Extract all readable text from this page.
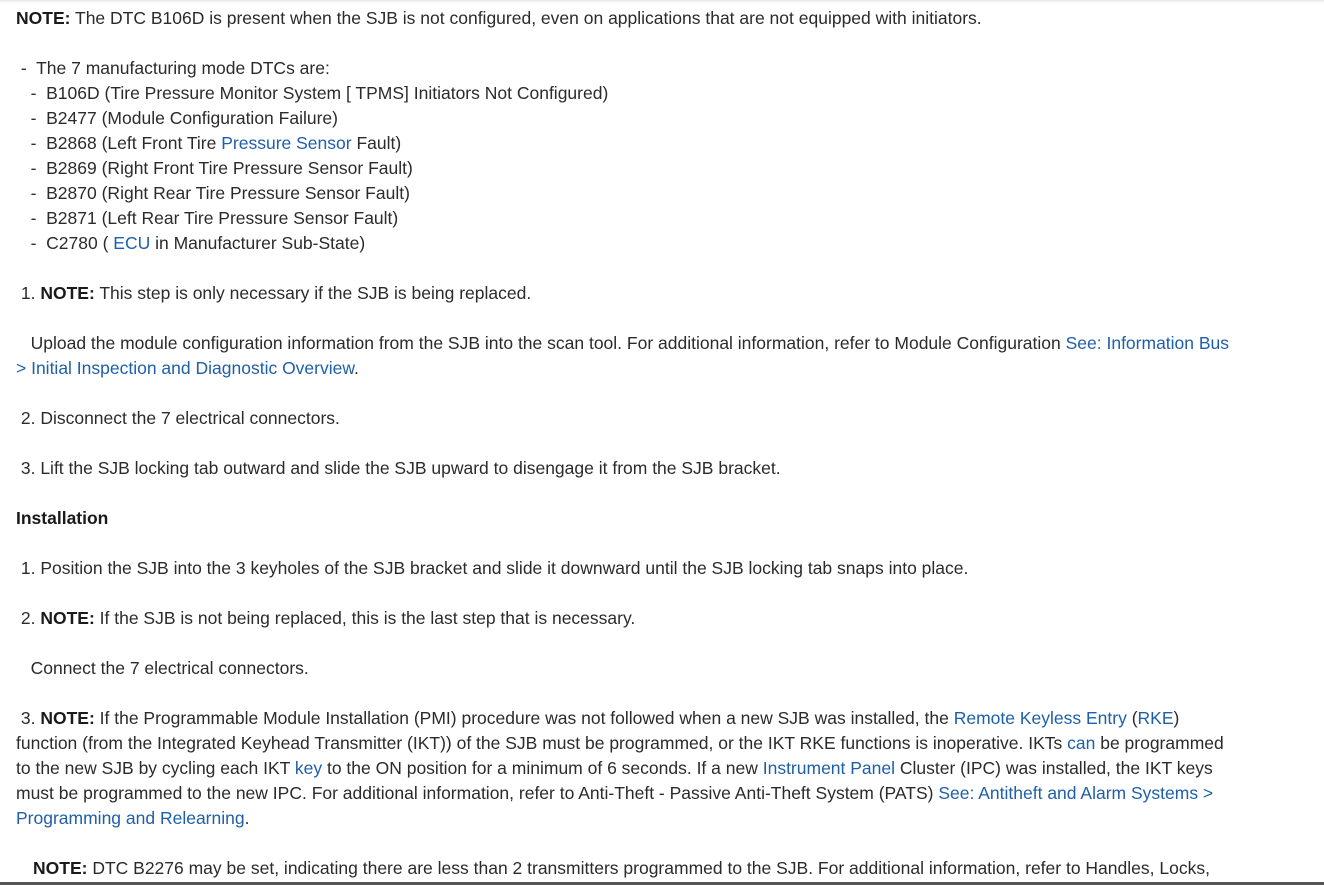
NOTE: The DTC B106D is present when the SJB is not configured, even on applications that are not equipped with initiators.
-  The 7 manufacturing mode DTCs are:
-  B106D (Tire Pressure Monitor System [ TPMS] Initiators Not Configured)
-  B2477 (Module Configuration Failure)
-  B2868 (Left Front Tire Pressure Sensor Fault)
-  B2869 (Right Front Tire Pressure Sensor Fault)
-  B2870 (Right Rear Tire Pressure Sensor Fault)
-  B2871 (Left Rear Tire Pressure Sensor Fault)
-  C2780 ( ECU in Manufacturer Sub-State)
1. NOTE: This step is only necessary if the SJB is being replaced.
Upload the module configuration information from the SJB into the scan tool. For additional information, refer to Module Configuration See: Information Bus > Initial Inspection and Diagnostic Overview.
2. Disconnect the 7 electrical connectors.
3. Lift the SJB locking tab outward and slide the SJB upward to disengage it from the SJB bracket.
Installation
1. Position the SJB into the 3 keyholes of the SJB bracket and slide it downward until the SJB locking tab snaps into place.
2. NOTE: If the SJB is not being replaced, this is the last step that is necessary.
Connect the 7 electrical connectors.
3. NOTE: If the Programmable Module Installation (PMI) procedure was not followed when a new SJB was installed, the Remote Keyless Entry (RKE) function (from the Integrated Keyhead Transmitter (IKT)) of the SJB must be programmed, or the IKT RKE functions is inoperative. IKTs can be programmed to the new SJB by cycling each IKT key to the ON position for a minimum of 6 seconds. If a new Instrument Panel Cluster (IPC) was installed, the IKT keys must be programmed to the new IPC. For additional information, refer to Anti-Theft - Passive Anti-Theft System (PATS) See: Antitheft and Alarm Systems > Programming and Relearning.
NOTE: DTC B2276 may be set, indicating there are less than 2 transmitters programmed to the SJB. For additional information, refer to Handles, Locks,
